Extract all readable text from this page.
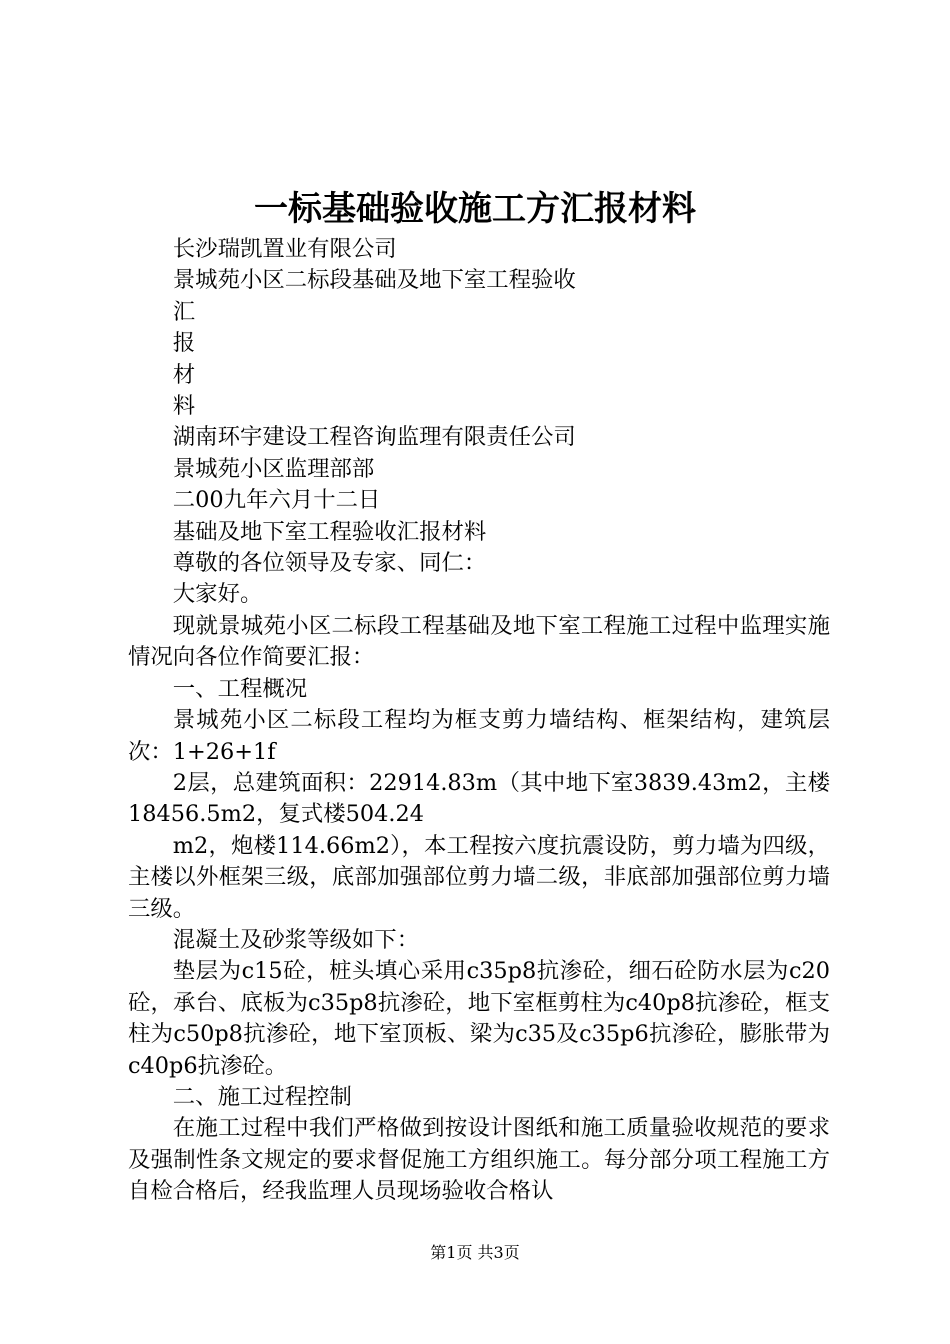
一标基础验收施工方汇报材料

长沙瑞凯置业有限公司

景城苑小区二标段基础及地下室工程验收

汇

报

材

料

湖南环宇建设工程咨询监理有限责任公司

景城苑小区监理部部

二00九年六月十二日

基础及地下室工程验收汇报材料

尊敬的各位领导及专家、同仁：

大家好。

现就景城苑小区二标段工程基础及地下室工程施工过程中监理实施情况向各位作简要汇报：

一、工程概况

景城苑小区二标段工程均为框支剪力墙结构、框架结构，建筑层次：1+26+1f

2层，总建筑面积：22914.83m（其中地下室3839.43m2，主楼18456.5m2，复式楼504.24

m2，炮楼114.66m2），本工程按六度抗震设防，剪力墙为四级，主楼以外框架三级，底部加强部位剪力墙二级，非底部加强部位剪力墙三级。

混凝土及砂浆等级如下：

垫层为c15砼，桩头填心采用c35p8抗渗砼，细石砼防水层为c20砼，承台、底板为c35p8抗渗砼，地下室框剪柱为c40p8抗渗砼，框支柱为c50p8抗渗砼，地下室顶板、梁为c35及c35p6抗渗砼，膨胀带为c40p6抗渗砼。

二、施工过程控制

在施工过程中我们严格做到按设计图纸和施工质量验收规范的要求及强制性条文规定的要求督促施工方组织施工。每分部分项工程施工方自检合格后，经我监理人员现场验收合格认

第1页 共3页
